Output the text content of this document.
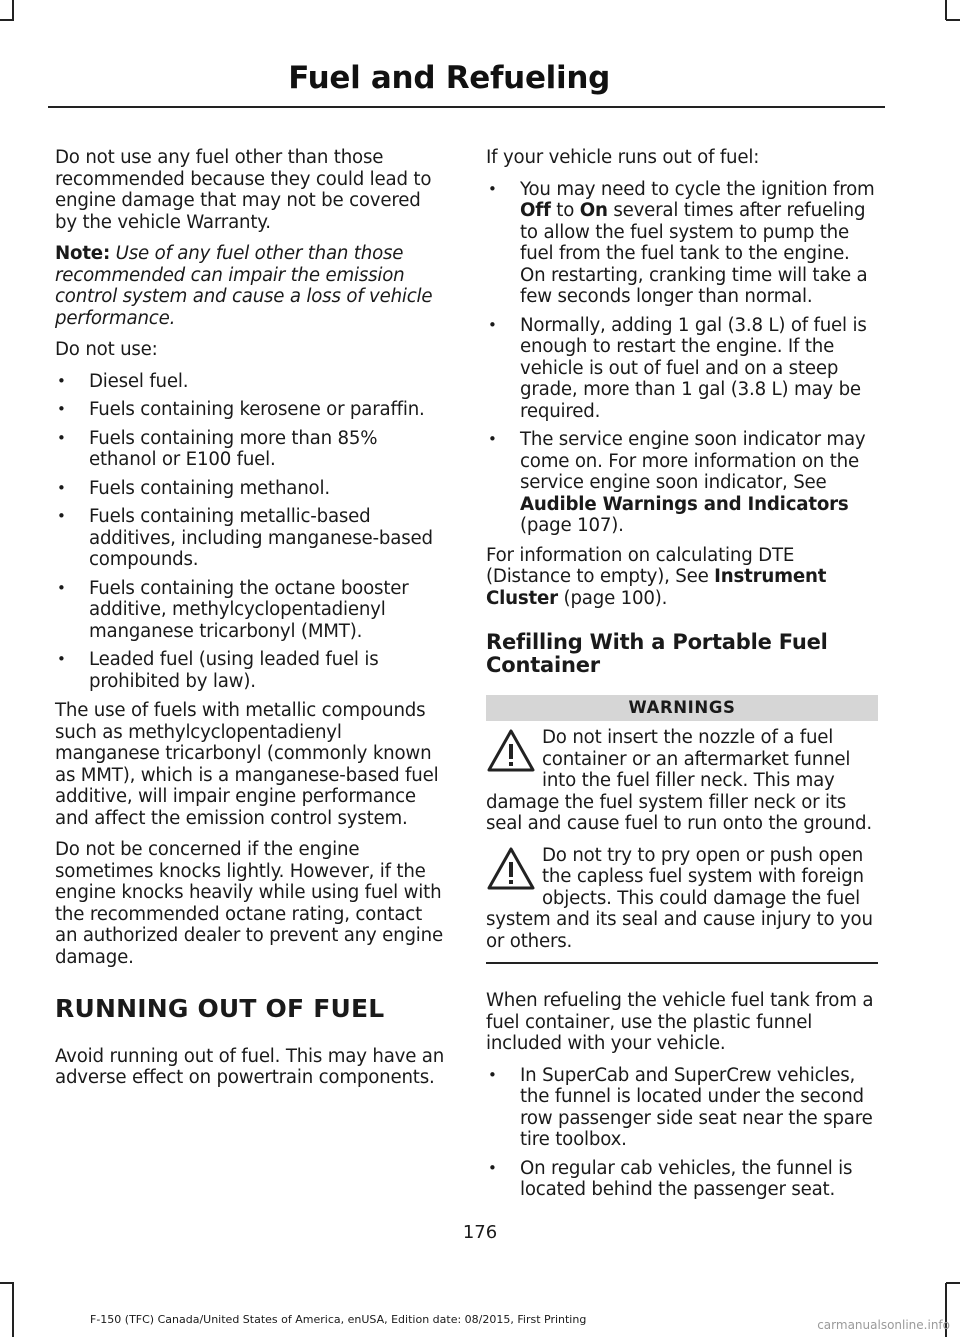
Fuel and Refueling

Do not use any fuel other than those recommended because they could lead to engine damage that may not be covered by the vehicle Warranty.

Note: Use of any fuel other than those recommended can impair the emission control system and cause a loss of vehicle performance.

Do not use:

• Diesel fuel.
• Fuels containing kerosene or paraffin.
• Fuels containing more than 85% ethanol or E100 fuel.
• Fuels containing methanol.
• Fuels containing metallic-based additives, including manganese-based compounds.
• Fuels containing the octane booster additive, methylcyclopentadienyl manganese tricarbonyl (MMT).
• Leaded fuel (using leaded fuel is prohibited by law).

The use of fuels with metallic compounds such as methylcyclopentadienyl manganese tricarbonyl (commonly known as MMT), which is a manganese-based fuel additive, will impair engine performance and affect the emission control system.

Do not be concerned if the engine sometimes knocks lightly. However, if the engine knocks heavily while using fuel with the recommended octane rating, contact an authorized dealer to prevent any engine damage.

RUNNING OUT OF FUEL

Avoid running out of fuel. This may have an adverse effect on powertrain components.

If your vehicle runs out of fuel:

• You may need to cycle the ignition from Off to On several times after refueling to allow the fuel system to pump the fuel from the fuel tank to the engine. On restarting, cranking time will take a few seconds longer than normal.
• Normally, adding 1 gal (3.8 L) of fuel is enough to restart the engine. If the vehicle is out of fuel and on a steep grade, more than 1 gal (3.8 L) may be required.
• The service engine soon indicator may come on. For more information on the service engine soon indicator, See Audible Warnings and Indicators (page 107).

For information on calculating DTE (Distance to empty), See Instrument Cluster (page 100).

Refilling With a Portable Fuel Container
WARNINGS
Do not insert the nozzle of a fuel container or an aftermarket funnel into the fuel filler neck. This may damage the fuel system filler neck or its seal and cause fuel to run onto the ground.
Do not try to pry open or push open the capless fuel system with foreign objects. This could damage the fuel system and its seal and cause injury to you or others.

When refueling the vehicle fuel tank from a fuel container, use the plastic funnel included with your vehicle.

• In SuperCab and SuperCrew vehicles, the funnel is located under the second row passenger side seat near the spare tire toolbox.
• On regular cab vehicles, the funnel is located behind the passenger seat.
176
F-150 (TFC) Canada/United States of America, enUSA, Edition date: 08/2015, First Printing	carmanualsonline.info
